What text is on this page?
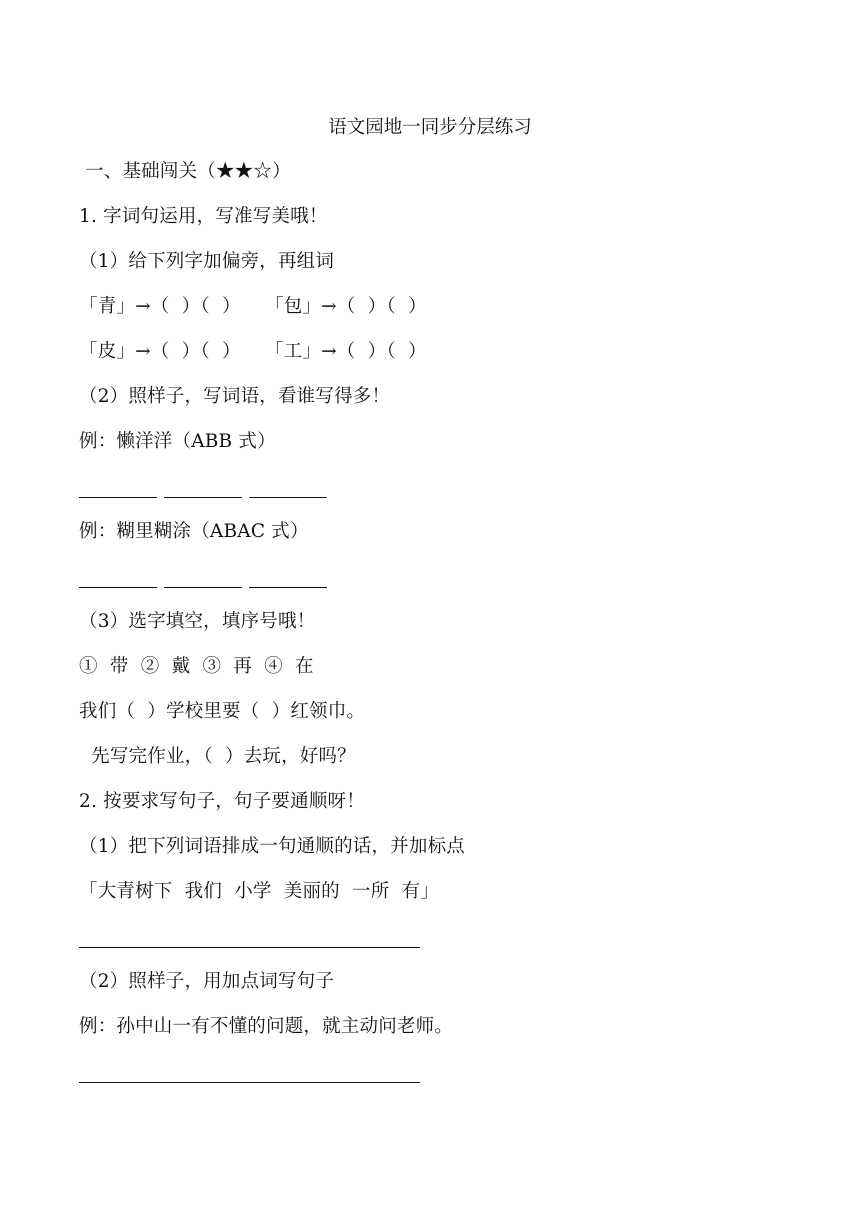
语文园地一同步分层练习
一、基础闯关（★★☆）
1. 字词句运用，写准写美哦！
（1）给下列字加偏旁，再组词
「青」→（  ）（  ）    「包」→（  ）（  ）
「皮」→（  ）（  ）    「工」→（  ）（  ）
（2）照样子，写词语，看谁写得多！
例：懒洋洋（ABB 式）
例：糊里糊涂（ABAC 式）
（3）选字填空，填序号哦！
①  带  ②  戴  ③  再  ④  在
我们（  ）学校里要（  ）红领巾。
先写完作业，（  ）去玩，好吗？
2. 按要求写句子，句子要通顺呀！
（1）把下列词语排成一句通顺的话，并加标点
「大青树下  我们  小学  美丽的  一所  有」
（2）照样子，用加点词写句子
例：孙中山一有不懂的问题，就主动问老师。
